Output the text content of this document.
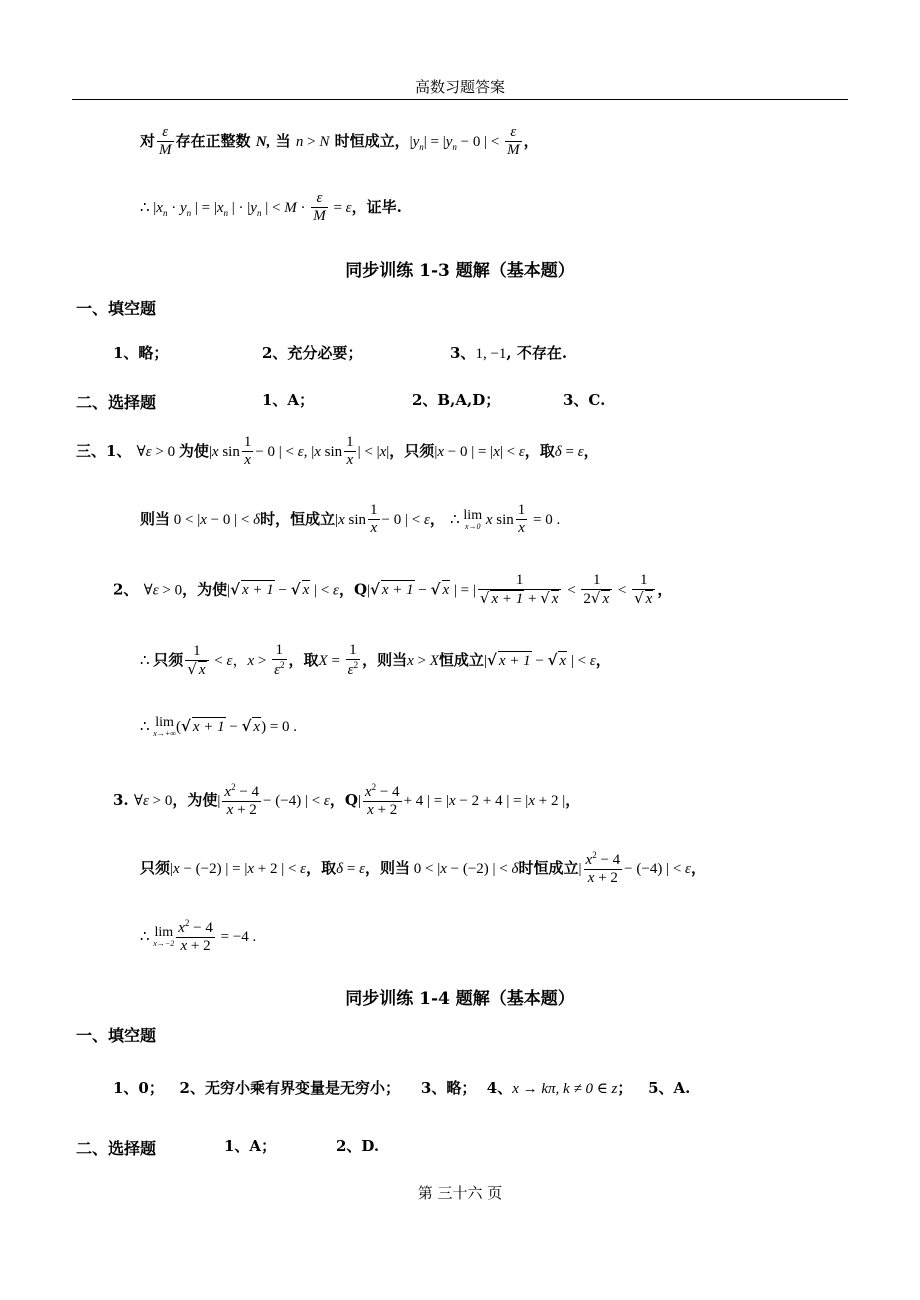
高数习题答案
对 $\frac{\varepsilon}{M}$ 存在正整数 N, 当 n > N 时恒成立，$|y_n| = |y_n - 0$ | < $\frac{\varepsilon}{M}$ ，
∴ $|x_n \cdot y_n$ | = $|x_n$ | · $|y_n$ | < $M \cdot \frac{\varepsilon}{M} = \varepsilon$，证毕.
同步训练 1-3 题解（基本题）
一、填空题
1、略；	2、充分必要；	3、1, −1, 不存在.
二、选择题	1、A；	2、B,A,D；	3、C.
三、1、 ∀ε > 0 为使|x $\sin \frac{1}{x} - 0$ | < ε, |x $\sin \frac{1}{x}$ | < |x|，只须|x − 0 | = |x| < ε，取δ = ε，
则当 0 < |x − 0 | < δ时，恒成立|x $\sin \frac{1}{x} - 0$ | < ε， ∴ lim
x→0 x $\sin \frac{1}{x} = 0$ .
2、 ∀ε > 0，为使|√ x + 1 − √ x | < ε，Q|√ x + 1 − √ x | = | $\frac{1}{√ x + 1 + √ x} < \frac{1}{2√ x} < \frac{1}{√ x}$ ，
∴ 只须 $\frac{1}{√ x} < \varepsilon$，$x > \frac{1}{\varepsilon^2}$ ，取$X = \frac{1}{\varepsilon^2}$ ，则当x > X恒成立|√ x + 1 − √ x | < ε，
∴ lim
x→+∞ (√ x + 1 − √ x) = 0 .
3. ∀ε > 0，为使| $\frac{x^2 - 4}{x + 2} - (-4)$ | < ε，$Q| \frac{x^2 - 4}{x + 2} + 4$ | = |x − 2 + 4 | = |x + 2 |，
只须|x − (−2) | = |x + 2 | < ε，取δ = ε，则当 0 < |x − (−2) | < δ时恒成立| $\frac{x^2 - 4}{x + 2} - (-4)$ | < ε，
∴ lim
$x\to-2 \frac{x^2 - 4}{x + 2} = -4$ .
同步训练 1-4 题解（基本题）
一、填空题
1、0； 2、无穷小乘有界变量是无穷小； 3、略； 4、x → kπ, k ≠ 0 ∈ z； 5、A.
二、选择题	1、A；	2、D.
第 三十六 页
